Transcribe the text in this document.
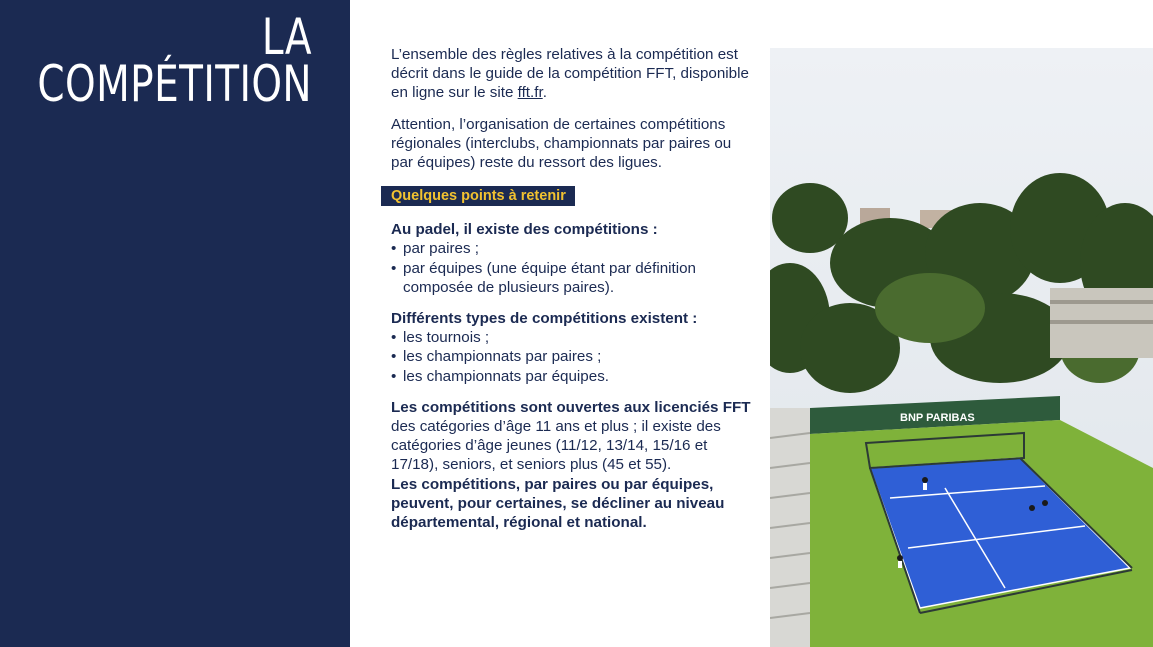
LA
COMPÉTITION

L’ensemble des règles relatives à la compétition est décrit dans le guide de la compétition FFT, disponible en ligne sur le site fft.fr.

Attention, l’organisation de certaines compétitions régionales (interclubs, championnats par paires ou par équipes) reste du ressort des ligues.

Quelques points à retenir
Au padel, il existe des compétitions :
• par paires ;
• par équipes (une équipe étant par définition composée de plusieurs paires).
Différents types de compétitions existent :
• les tournois ;
• les championnats par paires ;
• les championnats par équipes.

Les compétitions sont ouvertes aux licenciés FFT des catégories d’âge 11 ans et plus ; il existe des catégories d’âge jeunes (11/12, 13/14, 15/16 et 17/18), seniors, et seniors plus (45 et 55).

Les compétitions, par paires ou par équipes, peuvent, pour certaines, se décliner au niveau départemental, régional et national.

BNP PARIBAS
